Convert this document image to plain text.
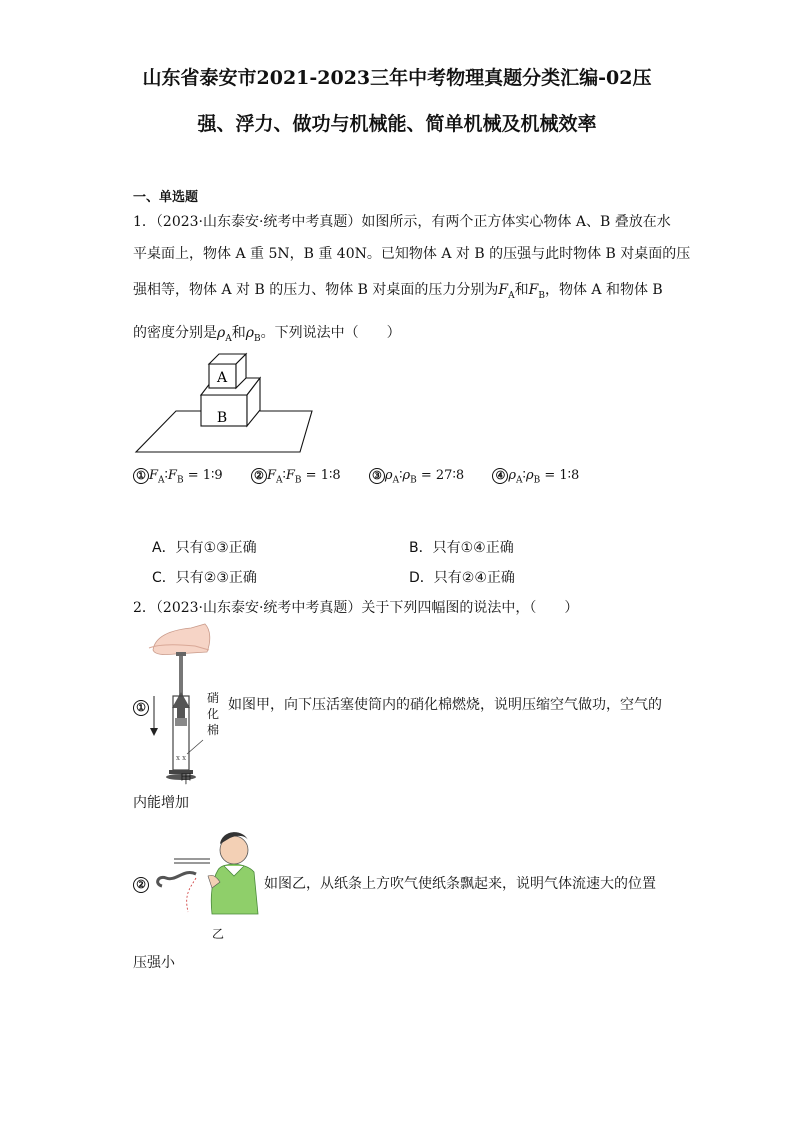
山东省泰安市2021-2023三年中考物理真题分类汇编-02压
强、浮力、做功与机械能、简单机械及机械效率
一、单选题
1．（2023·山东泰安·统考中考真题）如图所示，有两个正方体实心物体 A、B 叠放在水
平桌面上，物体 A 重 5N，B 重 40N。已知物体 A 对 B 的压强与此时物体 B 对桌面的压
强相等，物体 A 对 B 的压力、物体 B 对桌面的压力分别为$F_A$和$F_B$，物体 A 和物体 B
的密度分别是$\rho_A$和$\rho_B$。下列说法中（　　）
A
B
① $F_A∶F_B$ = 1∶9	② $F_A∶F_B$ = 1∶8	③ $\rho_A∶\rho_B$ = 27∶8	④ $\rho_A∶\rho_B$ = 1∶8
A．只有①③正确	B．只有①④正确
C．只有②③正确	D．只有②④正确
2．（2023·山东泰安·统考中考真题）关于下列四幅图的说法中，（　　）
①
x x
硝化棉
甲
如图甲，向下压活塞使筒内的硝化棉燃烧，说明压缩空气做功，空气的
内能增加
②
乙
如图乙，从纸条上方吹气使纸条飘起来，说明气体流速大的位置
压强小
